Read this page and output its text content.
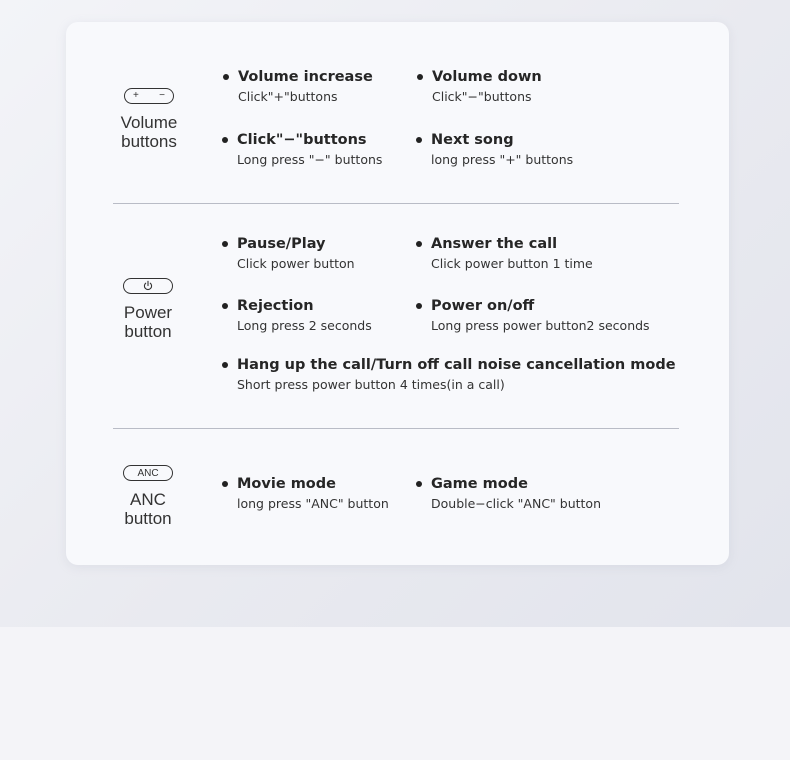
+ −
Volume
buttons
Volume increase
Click"+"buttons
Volume down
Click"−"buttons
Click"−"buttons
Long press "−" buttons
Next song
long press "+" buttons
Power
button
Pause/Play
Click power button
Answer the call
Click power button 1 time
Rejection
Long press 2 seconds
Power on/off
Long press power button2 seconds
Hang up the call/Turn off call noise cancellation mode
Short press power button 4 times(in a call)
ANC
ANC
button
Movie mode
long press "ANC" button
Game mode
Double−click "ANC" button
